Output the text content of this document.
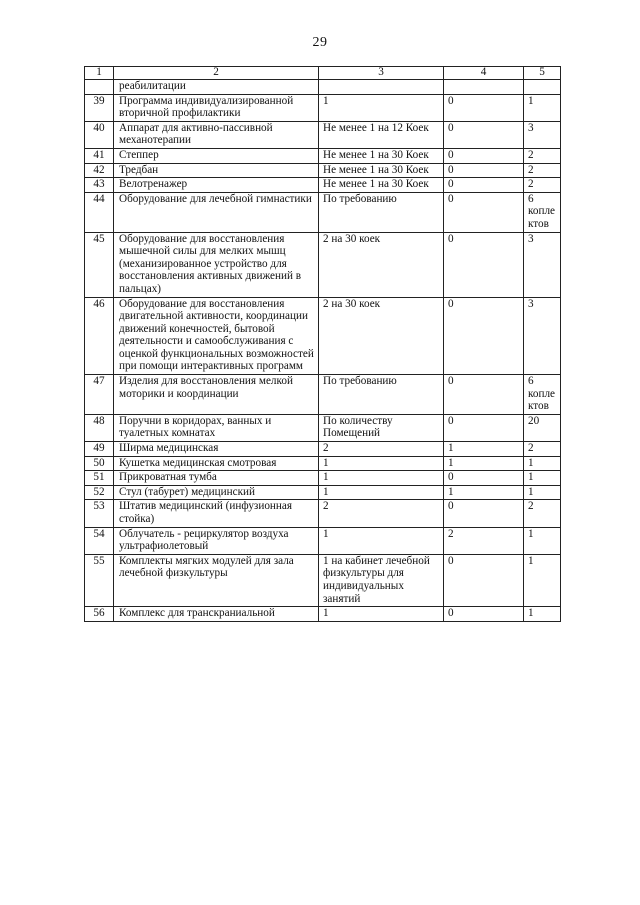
29
1	2	3	4	5
	реабилитации			
39	Программа индивидуализированной вторичной профилактики	1	0	1
40	Аппарат для активно-пассивной механотерапии	Не менее 1 на 12 Коек	0	3
41	Степпер	Не менее 1 на 30 Коек	0	2
42	Тредбан	Не менее 1 на 30 Коек	0	2
43	Велотренажер	Не менее 1 на 30 Коек	0	2
44	Оборудование для лечебной гимнастики	По требованию	0	6 коплектов
45	Оборудование для восстановления мышечной силы для мелких мышц (механизированное устройство для восстановления активных движений в пальцах)	2 на 30 коек	0	3
46	Оборудование для восстановления двигательной активности, координации движений конечностей, бытовой деятельности и самообслуживания с оценкой функциональных возможностей при помощи интерактивных программ	2 на 30 коек	0	3
47	Изделия для восстановления мелкой моторики и координации	По требованию	0	6 коплектов
48	Поручни в коридорах, ванных и туалетных комнатах	По количеству Помещений	0	20
49	Ширма медицинская	2	1	2
50	Кушетка медицинская смотровая	1	1	1
51	Прикроватная тумба	1	0	1
52	Стул (табурет) медицинский	1	1	1
53	Штатив медицинский (инфузионная стойка)	2	0	2
54	Облучатель - рециркулятор воздуха ультрафиолетовый	1	2	1
55	Комплекты мягких модулей для зала лечебной физкультуры	1 на кабинет лечебной физкультуры для индивидуальных занятий	0	1
56	Комплекс для транскраниальной	1	0	1
